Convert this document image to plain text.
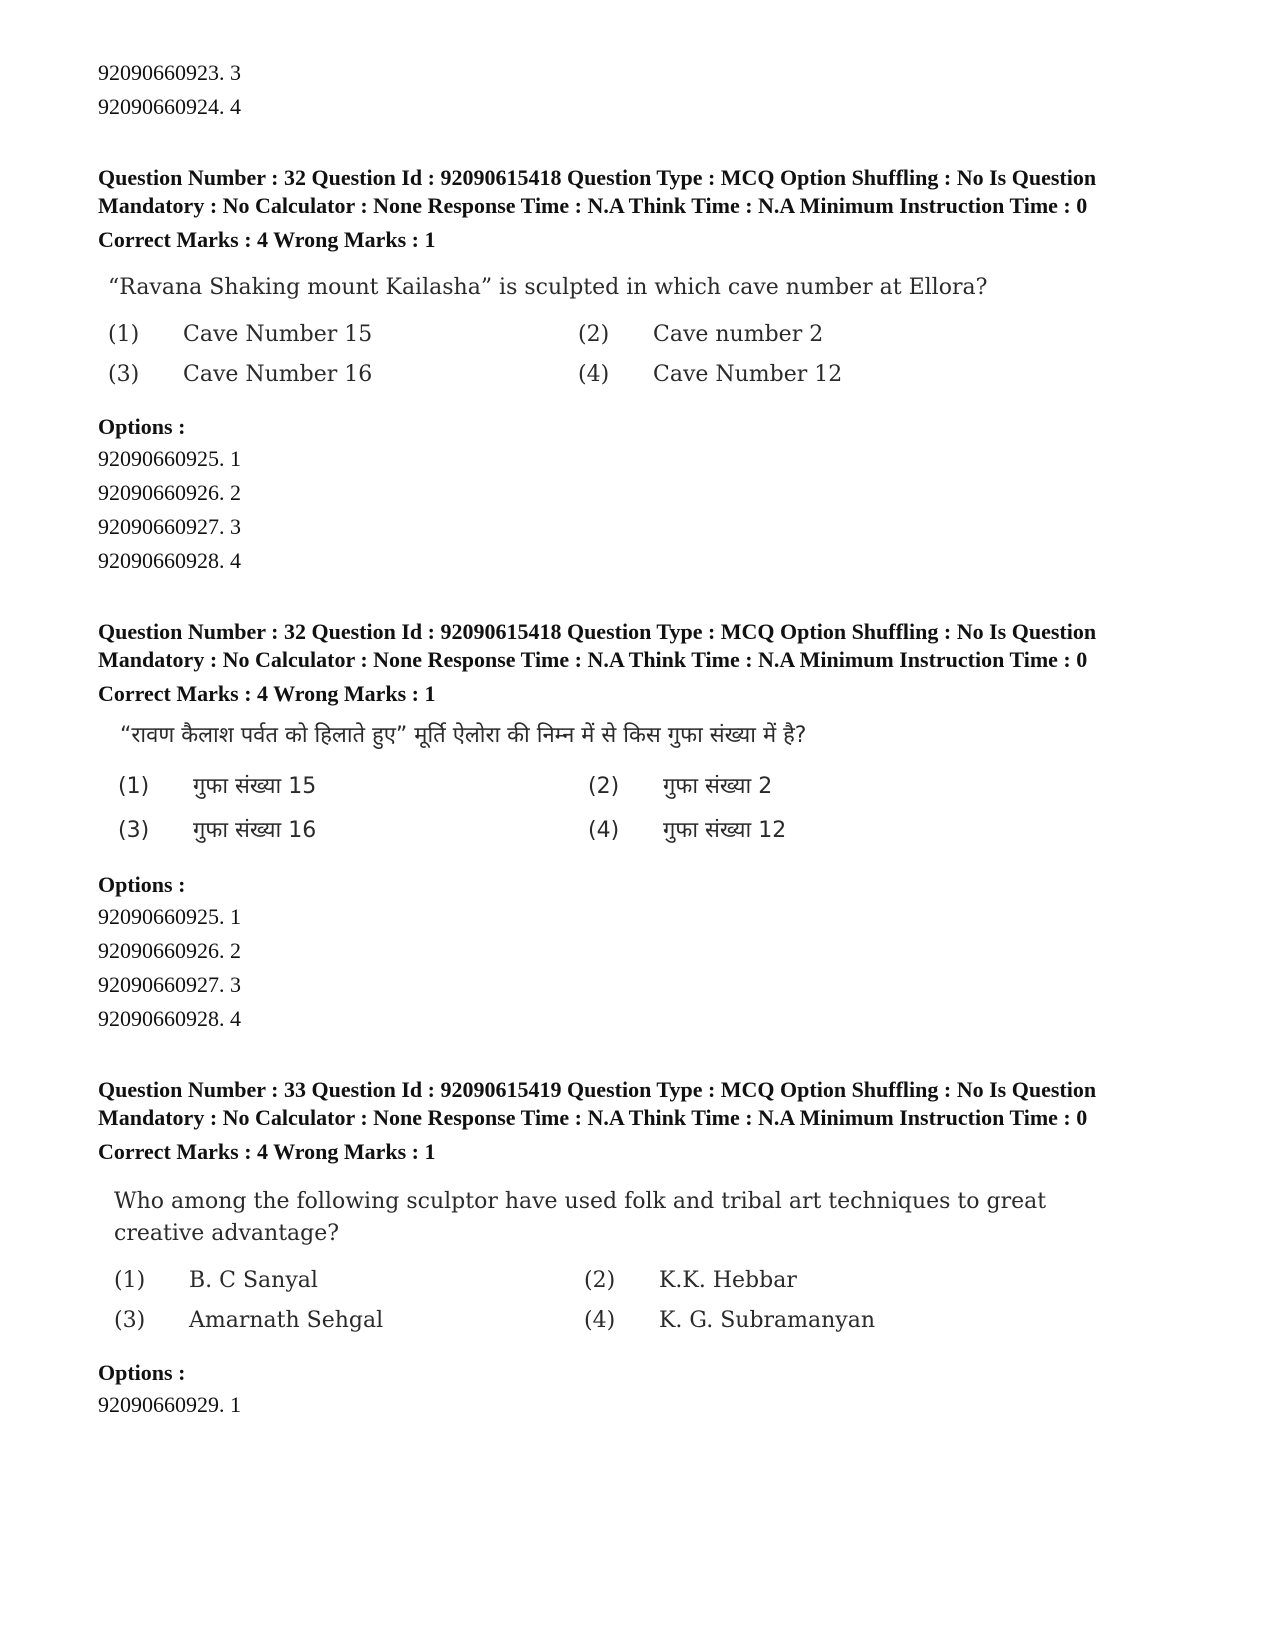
92090660923. 3
92090660924. 4
Question Number : 32 Question Id : 92090615418 Question Type : MCQ Option Shuffling : No Is Question Mandatory : No Calculator : None Response Time : N.A Think Time : N.A Minimum Instruction Time : 0
Correct Marks : 4 Wrong Marks : 1
“Ravana Shaking mount Kailasha” is sculpted in which cave number at Ellora?
(1)	Cave Number 15	(2)	Cave number 2
(3)	Cave Number 16	(4)	Cave Number 12
Options :
92090660925. 1
92090660926. 2
92090660927. 3
92090660928. 4
Question Number : 32 Question Id : 92090615418 Question Type : MCQ Option Shuffling : No Is Question Mandatory : No Calculator : None Response Time : N.A Think Time : N.A Minimum Instruction Time : 0
Correct Marks : 4 Wrong Marks : 1
“रावण कैलाश पर्वत को हिलाते हुए” मूर्ति ऐलोरा की निम्न में से किस गुफा संख्या में है?
(1)	गुफा संख्या 15	(2)	गुफा संख्या 2
(3)	गुफा संख्या 16	(4)	गुफा संख्या 12
Options :
92090660925. 1
92090660926. 2
92090660927. 3
92090660928. 4
Question Number : 33 Question Id : 92090615419 Question Type : MCQ Option Shuffling : No Is Question Mandatory : No Calculator : None Response Time : N.A Think Time : N.A Minimum Instruction Time : 0
Correct Marks : 4 Wrong Marks : 1
Who among the following sculptor have used folk and tribal art techniques to great creative advantage?
(1)	B. C Sanyal	(2)	K.K. Hebbar
(3)	Amarnath Sehgal	(4)	K. G. Subramanyan
Options :
92090660929. 1
